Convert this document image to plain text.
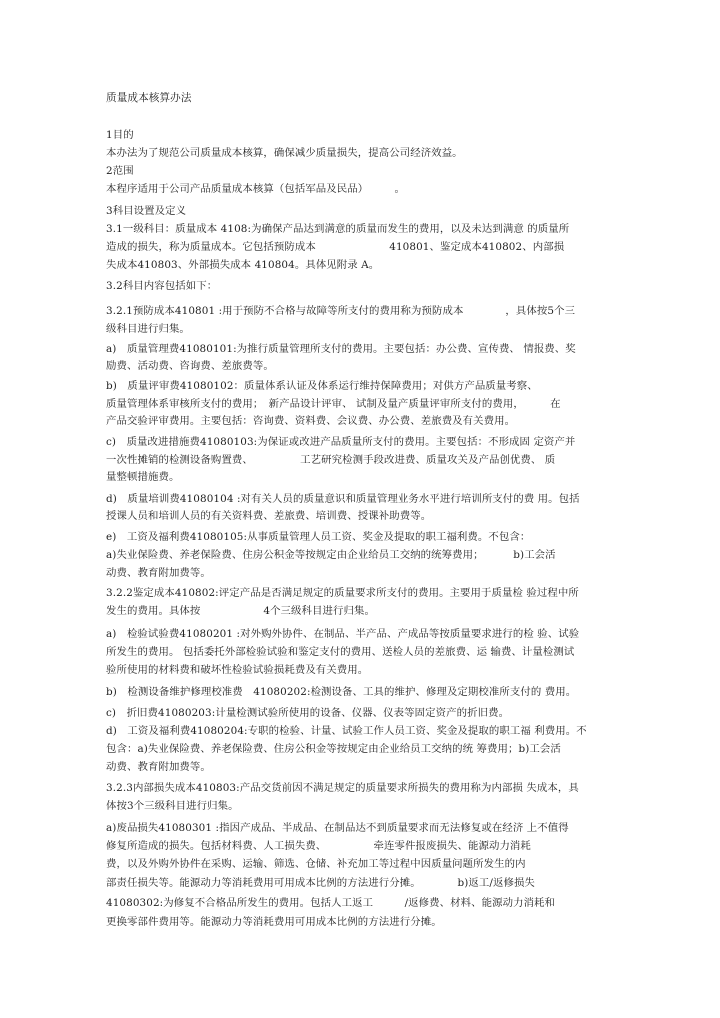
质量成本核算办法
1目的
本办法为了规范公司质量成本核算，确保减少质量损失，提高公司经济效益。
2范围
本程序适用于公司产品质量成本核算（包括军品及民品）　　　。
3科目设置及定义
3.1一级科目：质量成本 4108:为确保产品达到满意的质量而发生的费用，以及未达到满意 的质量所
造成的损失，称为质量成本。它包括预防成本　　　　　　　410801、鉴定成本410802、内部损
失成本410803、外部损失成本 410804。具体见附录 A。
3.2科目内容包括如下：
3.2.1预防成本410801 :用于预防不合格与故障等所支付的费用称为预防成本　　　　，具体按5个三
级科目进行归集。
a)　质量管理费41080101:为推行质量管理所支付的费用。主要包括：办公费、宣传费、 情报费、奖
励费、活动费、咨询费、差旅费等。
b)　质量评审费41080102：质量体系认证及体系运行维持保障费用；对供方产品质量考察、
质量管理体系审核所支付的费用；　新产品设计评审、 试制及量产质量评审所支付的费用，　　　在
产品交验评审费用。主要包括：咨询费、资料费、会议费、办公费、差旅费及有关费用。
c)　质量改进措施费41080103:为保证或改进产品质量所支付的费用。主要包括：不形成固 定资产并
一次性摊销的检测设备购置费、　　　　　工艺研究检测手段改进费、质量攻关及产品创优费、 质
量整顿措施费。
d)　质量培训费41080104 :对有关人员的质量意识和质量管理业务水平进行培训所支付的费 用。包括
授课人员和培训人员的有关资料费、差旅费、培训费、授课补助费等。
e)　工资及福利费41080105:从事质量管理人员工资、奖金及提取的职工福利费。不包含：
a)失业保险费、养老保险费、住房公积金等按规定由企业给员工交纳的统筹费用；　　　 b)工会活
动费、教育附加费等。
3.2.2鉴定成本410802:评定产品是否满足规定的质量要求所支付的费用。主要用于质量检 验过程中所
发生的费用。具体按　　　　　　4个三级科目进行归集。
a)　检验试验费41080201 :对外购外协件、在制品、半产品、产成品等按质量要求进行的检 验、试验
所发生的费用。 包括委托外部检验试验和鉴定支付的费用、送检人员的差旅费、运 输费、计量检测试
验所使用的材料费和破坏性检验试验损耗费及有关费用。
b)　检测设备维护修理校准费　41080202:检测设备、工具的维护、修理及定期校准所支付的 费用。
c)　折旧费41080203:计量检测试验所使用的设备、仪器、仪表等固定资产的折旧费。
d)　工资及福利费41080204:专职的检验、计量、试验工作人员工资、奖金及提取的职工福 利费用。不
包含：a)失业保险费、养老保险费、住房公积金等按规定由企业给员工交纳的统 筹费用；b)工会活
动费、教育附加费等。
3.2.3内部损失成本410803:产品交货前因不满足规定的质量要求所损失的费用称为内部损 失成本，具
体按3个三级科目进行归集。
a)废品损失41080301 :指因产成品、半成品、在制品达不到质量要求而无法修复或在经济 上不值得
修复所造成的损失。包括材料费、人工损失费、　　　　　牵连零件报废损失、能源动力消耗
费，以及外购外协件在采购、运输、筛选、仓储、补充加工等过程中因质量问题所发生的内
部责任损失等。能源动力等消耗费用可用成本比例的方法进行分摊。　　　　b)返工/返修损失
41080302:为修复不合格品所发生的费用。包括人工返工　　　/返修费、材料、能源动力消耗和
更换零部件费用等。能源动力等消耗费用可用成本比例的方法进行分摊。
